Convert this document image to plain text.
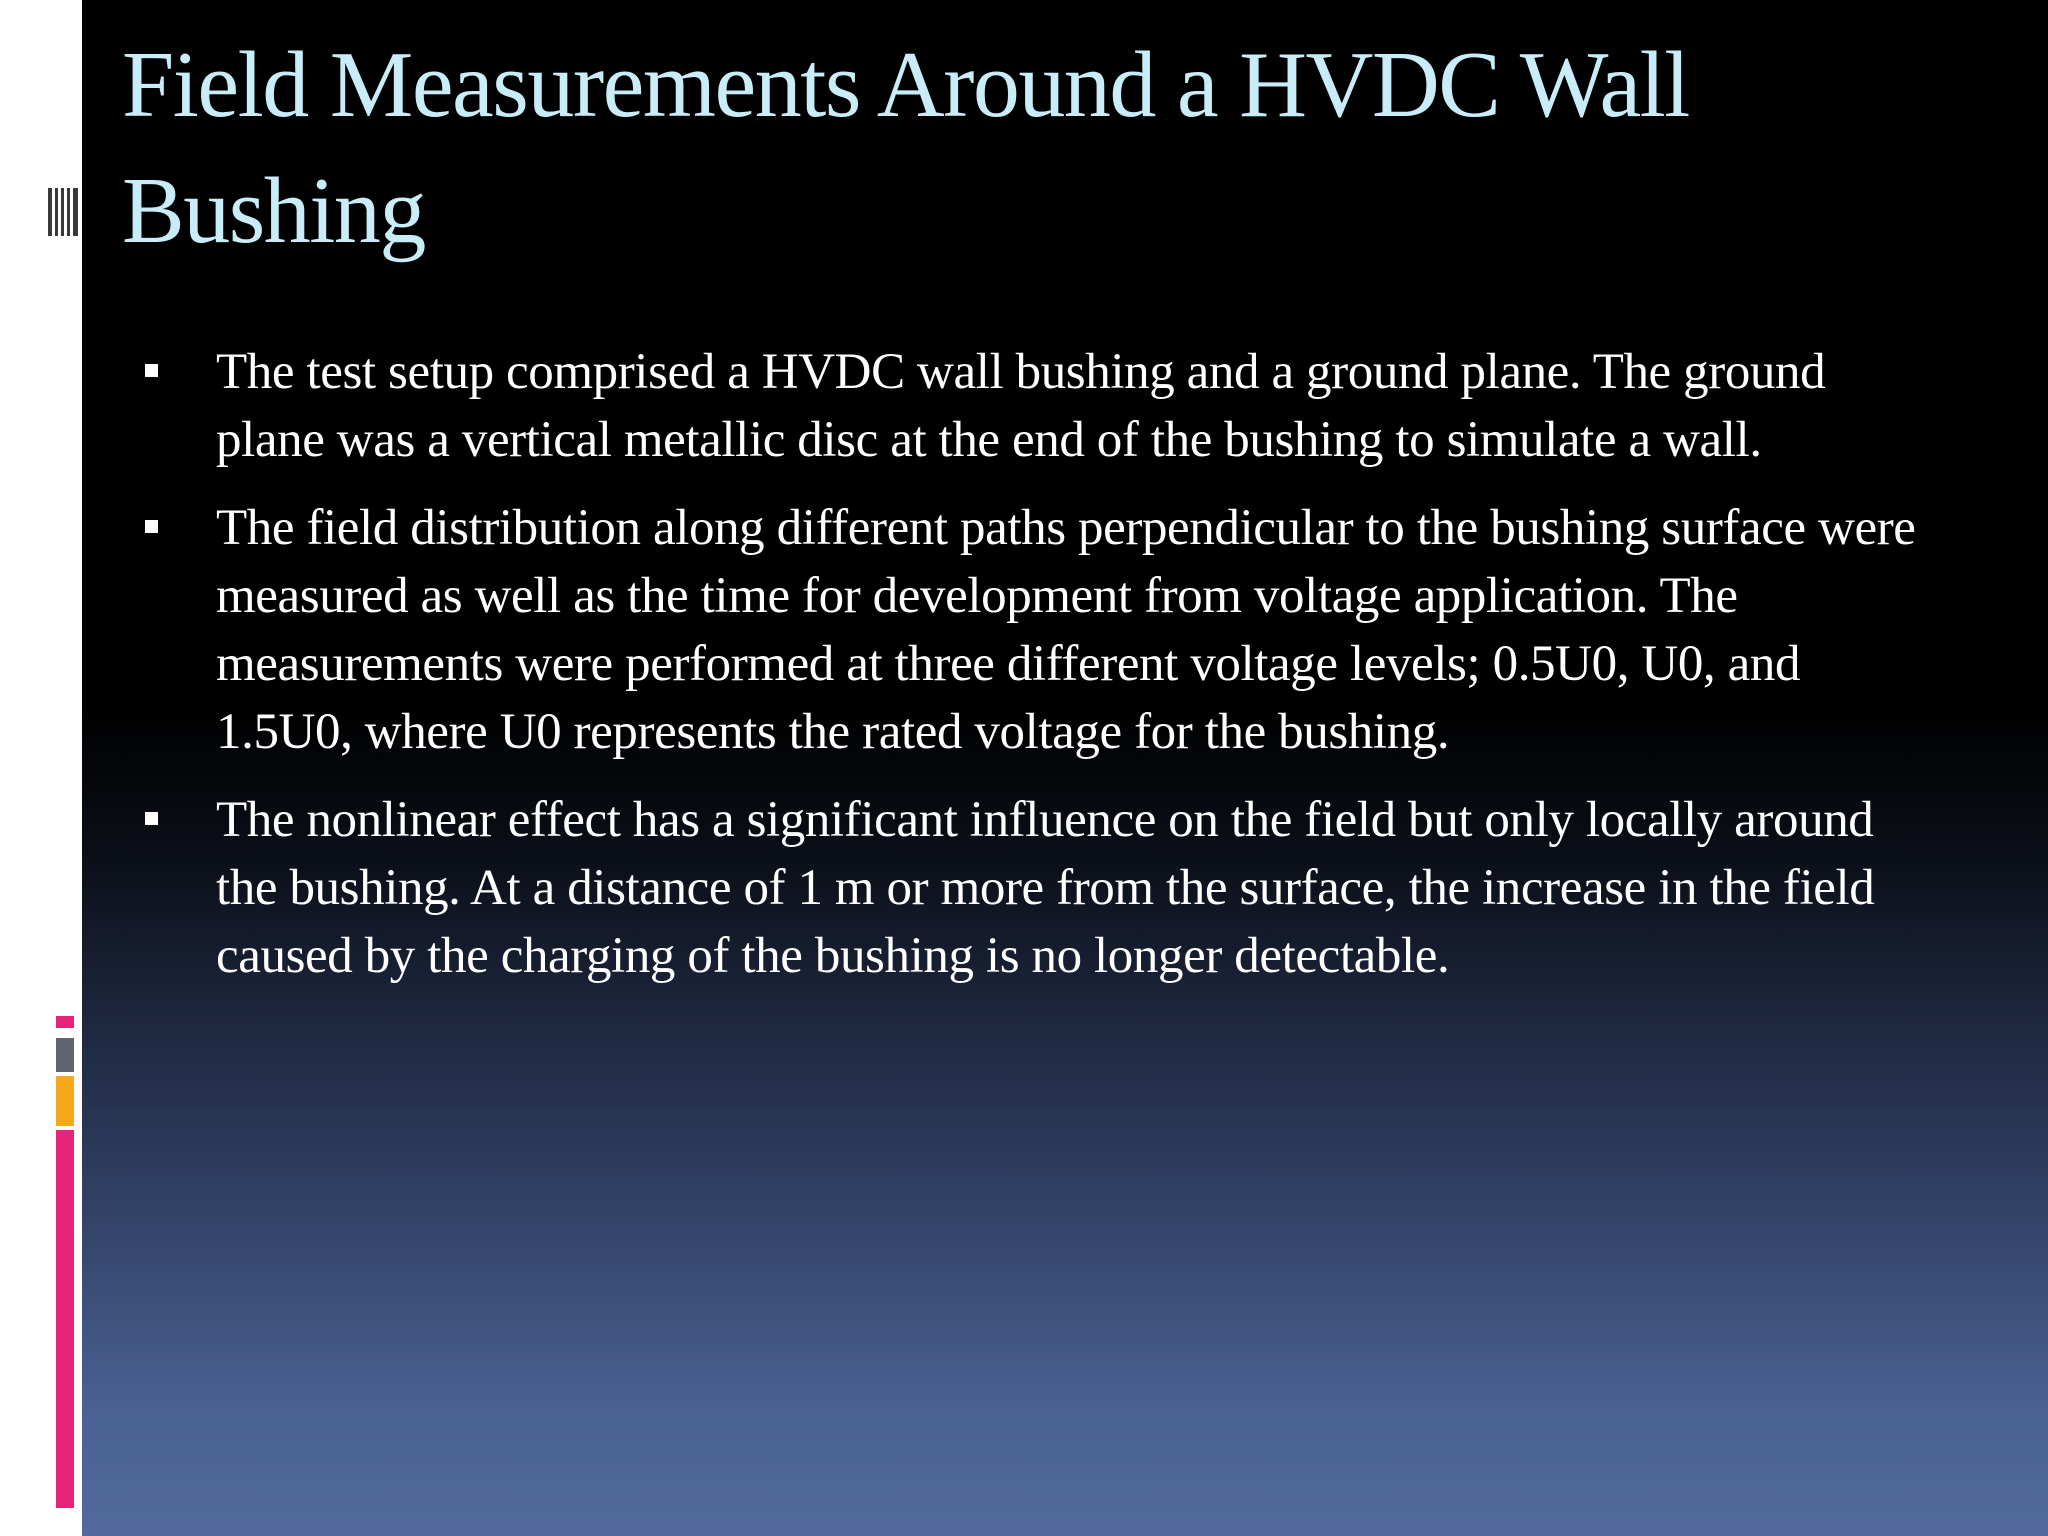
Field Measurements Around a HVDC Wall Bushing
The test setup comprised a HVDC wall bushing and a ground plane. The ground plane was a vertical metallic disc at the end of the bushing to simulate a wall.
The field distribution along different paths perpendicular to the bushing surface were measured as well as the time for development from voltage application. The measurements were performed at three different voltage levels; 0.5U0, U0, and 1.5U0, where U0 represents the rated voltage for the bushing.
The nonlinear effect has a significant influence on the field but only locally around the bushing. At a distance of 1 m or more from the surface, the increase in the field caused by the charging of the bushing is no longer detectable.
